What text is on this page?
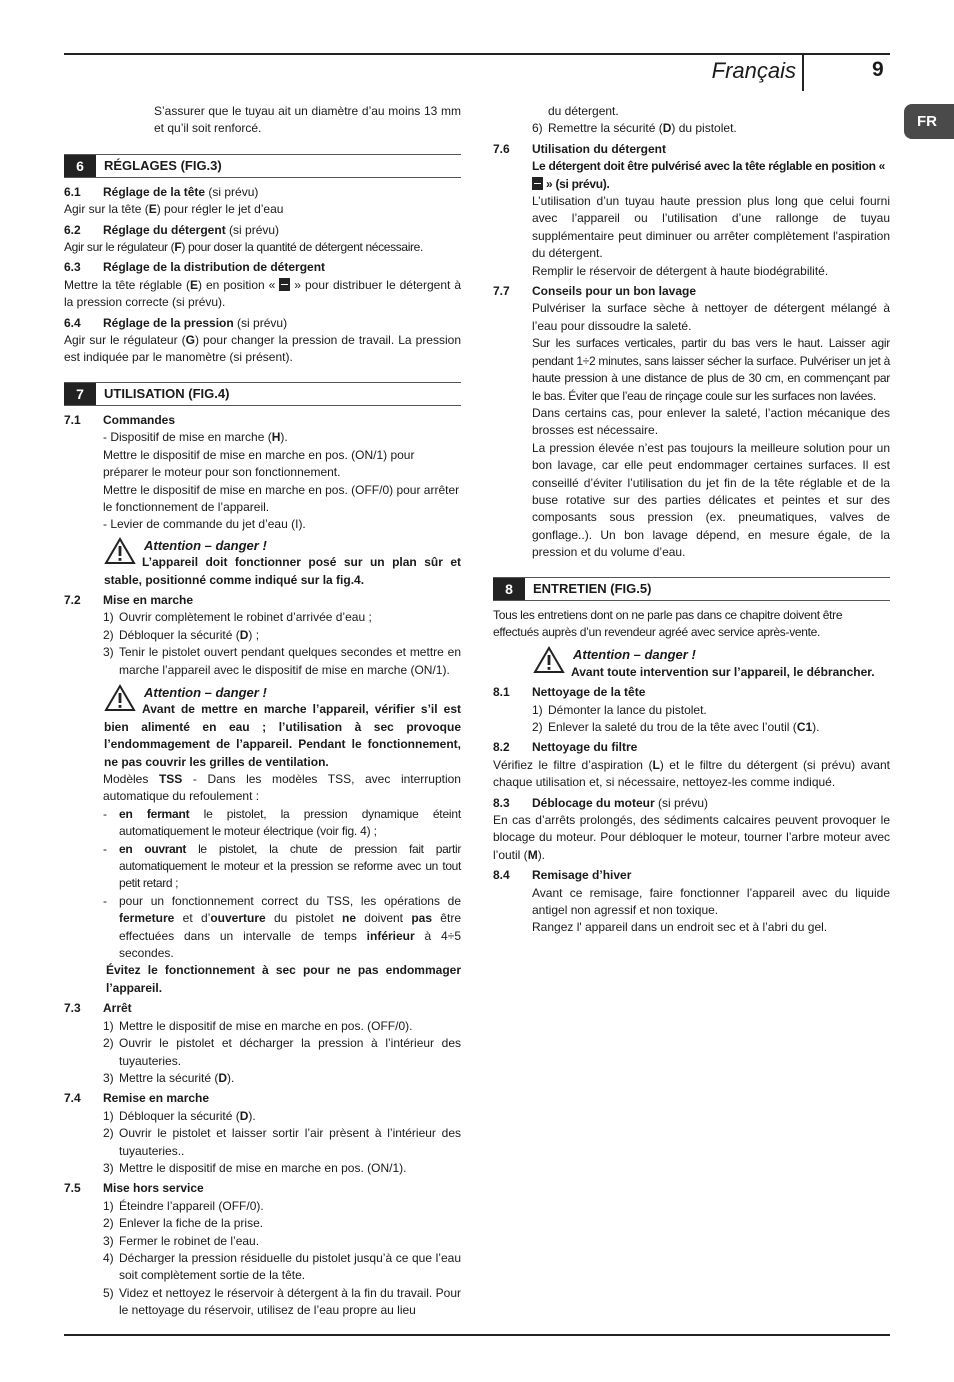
Français	9
FR

S’assurer que le tuyau ait un diamètre d’au moins 13 mm et qu’il soit renforcé.

6	RÉGLAGES (FIG.3)
6.1	Réglage de la tête (si prévu)

Agir sur la tête (E) pour régler le jet d’eau

6.2	Réglage du détergent (si prévu)

Agir sur le régulateur (F) pour doser la quantité de détergent nécessaire.

6.3	Réglage de la distribution de détergent

Mettre la tête réglable (E) en position «  » pour distribuer le détergent à la pression correcte (si prévu).

6.4	Réglage de la pression (si prévu)

Agir sur le régulateur (G) pour changer la pression de travail. La pression est indiquée par le manomètre (si présent).

7	UTILISATION (FIG.4)
7.1	Commandes

- Dispositif de mise en marche (H).

Mettre le dispositif de mise en marche en pos. (ON/1) pour préparer le moteur pour son fonctionnement.

Mettre le dispositif de mise en marche en pos. (OFF/0) pour arrêter le fonctionnement de l’appareil.

- Levier de commande du jet d’eau (I).

Attention – danger !
L’appareil doit fonctionner posé sur un plan sûr et stable, positionné comme indiqué sur la fig.4.
7.2	Mise en marche
1) Ouvrir complètement le robinet d’arrivée d’eau ;
2) Débloquer la sécurité (D) ;
3) Tenir le pistolet ouvert pendant quelques secondes et mettre en marche l’appareil avec le dispositif de mise en marche (ON/1).
Attention – danger !
Avant de mettre en marche l’appareil, vérifier s’il est bien alimenté en eau ; l’utilisation à sec provoque l’endommagement de l’appareil. Pendant le fonctionnement, ne pas couvrir les grilles de ventilation.

Modèles TSS - Dans les modèles TSS, avec interruption automatique du refoulement :

-	en fermant le pistolet, la pression dynamique éteint automatiquement le moteur électrique (voir fig. 4) ;
-	en ouvrant le pistolet, la chute de pression fait partir automatiquement le moteur et la pression se reforme avec un tout petit retard ;
-	pour un fonctionnement correct du TSS, les opérations de fermeture et d’ouverture du pistolet ne doivent pas être effectuées dans un intervalle de temps inférieur à 4÷5 secondes.

Évitez le fonctionnement à sec pour ne pas endommager l’appareil.

7.3	Arrêt
1) Mettre le dispositif de mise en marche en pos. (OFF/0).
2) Ouvrir le pistolet et décharger la pression à l’intérieur des tuyauteries.
3) Mettre la sécurité (D).
7.4	Remise en marche
1) Débloquer la sécurité (D).
2) Ouvrir le pistolet et laisser sortir l’air prèsent à l’intérieur des tuyauteries..
3) Mettre le dispositif de mise en marche en pos. (ON/1).
7.5	Mise hors service
1) Éteindre l’appareil (OFF/0).
2) Enlever la fiche de la prise.
3) Fermer le robinet de l’eau.
4) Décharger la pression résiduelle du pistolet jusqu’à ce que l’eau soit complètement sortie de la tête.
5) Videz et nettoyez le réservoir à détergent à la fin du travail. Pour le nettoyage du réservoir, utilisez de l’eau propre au lieu

du détergent.

6) Remettre la sécurité (D) du pistolet.
7.6	Utilisation du détergent

Le détergent doit être pulvérisé avec la tête réglable en position «  » (si prévu).

L’utilisation d’un tuyau haute pression plus long que celui fourni avec l’appareil ou l’utilisation d’une rallonge de tuyau supplémentaire peut diminuer ou arrêter complètement l'aspiration du détergent.

Remplir le réservoir de détergent à haute biodégrabilité.

7.7	Conseils pour un bon lavage

Pulvériser la surface sèche à nettoyer de détergent mélangé à l’eau pour dissoudre la saleté.

Sur les surfaces verticales, partir du bas vers le haut. Laisser agir pendant 1÷2 minutes, sans laisser sécher la surface. Pulvériser un jet à haute pression à une distance de plus de 30 cm, en commençant par le bas. Éviter que l’eau de rinçage coule sur les surfaces non lavées.

Dans certains cas, pour enlever la saleté, l’action mécanique des brosses est nécessaire.

La pression élevée n’est pas toujours la meilleure solution pour un bon lavage, car elle peut endommager certaines surfaces. Il est conseillé d’éviter l’utilisation du jet fin de la tête réglable et de la buse rotative sur des parties délicates et peintes et sur des composants sous pression (ex. pneumatiques, valves de gonflage..). Un bon lavage dépend, en mesure égale, de la pression et du volume d’eau.

8	ENTRETIEN (FIG.5)

Tous les entretiens dont on ne parle pas dans ce chapitre doivent être effectués auprès d’un revendeur agréé avec service après-vente.

Attention – danger !
Avant toute intervention sur l’appareil, le débrancher.
8.1	Nettoyage de la tête
1) Démonter la lance du pistolet.
2) Enlever la saleté du trou de la tête avec l’outil (C1).
8.2	Nettoyage du filtre

Vérifiez le filtre d’aspiration (L) et le filtre du détergent (si prévu) avant chaque utilisation et, si nécessaire, nettoyez-les comme indiqué.

8.3	Déblocage du moteur (si prévu)

En cas d’arrêts prolongés, des sédiments calcaires peuvent provoquer le blocage du moteur. Pour débloquer le moteur, tourner l’arbre moteur avec l’outil (M).

8.4	Remisage d’hiver

Avant ce remisage, faire fonctionner l’appareil avec du liquide antigel non agressif et non toxique.

Rangez l' appareil dans un endroit sec et à l’abri du gel.
